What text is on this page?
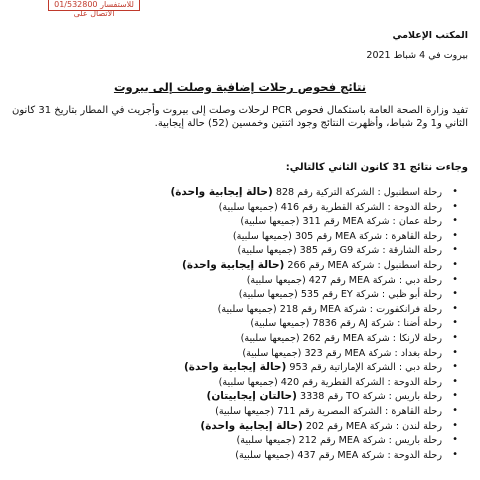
01/532800 للاستفسار الاتصال على
المكتب الإعلامي
بيروت في 4 شباط 2021
نتائج فحوص رحلات إضافية وصلت إلى بيروت
تفيد وزارة الصحة العامة باستكمال فحوص PCR لرحلات وصلت إلى بيروت وأجريت في المطار بتاريخ 31 كانون الثاني و1 و2 شباط، وأظهرت النتائج وجود اثنتين وخمسين (52) حالة إيجابية.
وجاءت نتائج 31 كانون الثاني كالتالي:
•
رحلة اسطنبول : الشركة التركية رقم 828 (حالة إيجابية واحدة)
•
رحلة الدوحة : الشركة القطرية رقم 416 (جميعها سلبية)
•
رحلة عمان : شركة MEA رقم 311 (جميعها سلبية)
•
رحلة القاهرة : شركة MEA رقم 305 (جميعها سلبية)
•
رحلة الشارقة : شركة G9 رقم 385 (جميعها سلبية)
•
رحلة اسطنبول : شركة MEA رقم 266 (حالة إيجابية واحدة)
•
رحلة دبي : شركة MEA رقم 427 (جميعها سلبية)
•
رحلة أبو ظبي : شركة EY رقم 535 (جميعها سلبية)
•
رحلة فرانكفورت : شركة MEA رقم 218 (جميعها سلبية)
•
رحلة أضنا : شركة AJ رقم 7836 (جميعها سلبية)
•
رحلة لارنكا : شركة MEA رقم 262 (جميعها سلبية)
•
رحلة بغداد : شركة MEA رقم 323 (جميعها سلبية)
•
رحلة دبي : الشركة الإماراتية رقم 953 (حالة إيجابية واحدة)
•
رحلة الدوحة : الشركة القطرية رقم 420 (جميعها سلبية)
•
رحلة باريس : شركة TO رقم 3338 (حالتان إيجابيتان)
•
رحلة القاهرة : الشركة المصرية رقم 711 (جميعها سلبية)
•
رحلة لندن : شركة MEA رقم 202 (حالة إيجابية واحدة)
•
رحلة باريس : شركة MEA رقم 212 (جميعها سلبية)
•
رحلة الدوحة : شركة MEA رقم 437 (جميعها سلبية)
